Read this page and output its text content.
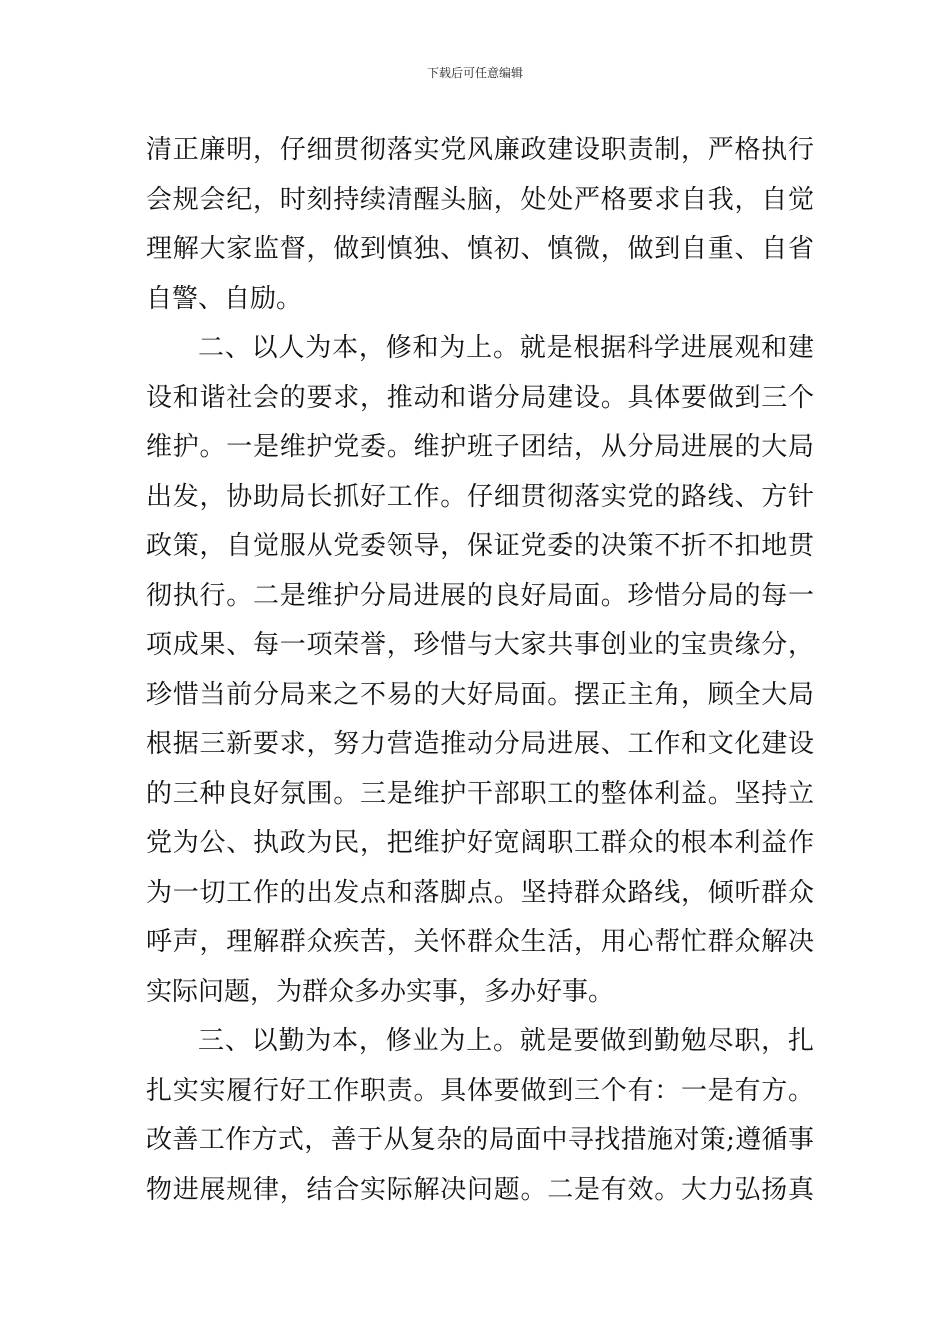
下载后可任意编辑
清正廉明，仔细贯彻落实党风廉政建设职责制，严格执行
会规会纪，时刻持续清醒头脑，处处严格要求自我，自觉
理解大家监督，做到慎独、慎初、慎微，做到自重、自省
自警、自励。
二、以人为本，修和为上。就是根据科学进展观和建
设和谐社会的要求，推动和谐分局建设。具体要做到三个
维护。一是维护党委。维护班子团结，从分局进展的大局
出发，协助局长抓好工作。仔细贯彻落实党的路线、方针
政策，自觉服从党委领导，保证党委的决策不折不扣地贯
彻执行。二是维护分局进展的良好局面。珍惜分局的每一
项成果、每一项荣誉，珍惜与大家共事创业的宝贵缘分，
珍惜当前分局来之不易的大好局面。摆正主角，顾全大局
根据三新要求，努力营造推动分局进展、工作和文化建设
的三种良好氛围。三是维护干部职工的整体利益。坚持立
党为公、执政为民，把维护好宽阔职工群众的根本利益作
为一切工作的出发点和落脚点。坚持群众路线，倾听群众
呼声，理解群众疾苦，关怀群众生活，用心帮忙群众解决
实际问题，为群众多办实事，多办好事。
三、以勤为本，修业为上。就是要做到勤勉尽职，扎
扎实实履行好工作职责。具体要做到三个有：一是有方。
改善工作方式，善于从复杂的局面中寻找措施对策;遵循事
物进展规律，结合实际解决问题。二是有效。大力弘扬真
